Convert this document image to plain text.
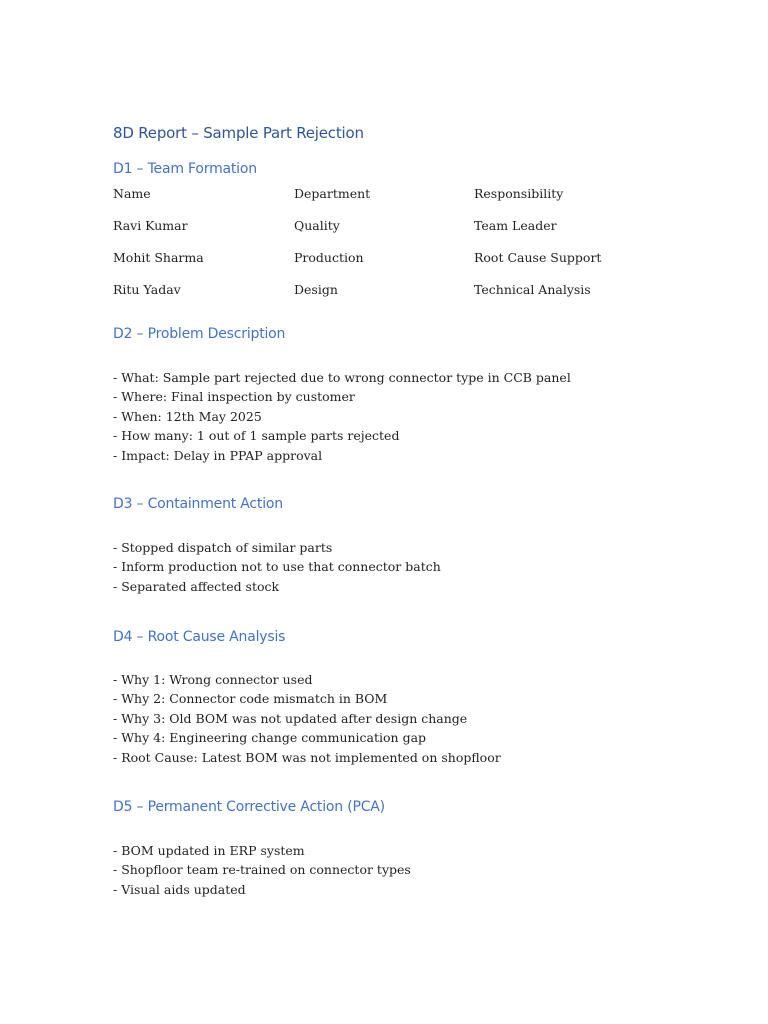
8D Report – Sample Part Rejection
D1 – Team Formation
Name	Department	Responsibility
Ravi Kumar	Quality	Team Leader
Mohit Sharma	Production	Root Cause Support
Ritu Yadav	Design	Technical Analysis
D2 – Problem Description
- What: Sample part rejected due to wrong connector type in CCB panel
- Where: Final inspection by customer
- When: 12th May 2025
- How many: 1 out of 1 sample parts rejected
- Impact: Delay in PPAP approval
D3 – Containment Action
- Stopped dispatch of similar parts
- Inform production not to use that connector batch
- Separated affected stock
D4 – Root Cause Analysis
- Why 1: Wrong connector used
- Why 2: Connector code mismatch in BOM
- Why 3: Old BOM was not updated after design change
- Why 4: Engineering change communication gap
- Root Cause: Latest BOM was not implemented on shopfloor
D5 – Permanent Corrective Action (PCA)
- BOM updated in ERP system
- Shopfloor team re-trained on connector types
- Visual aids updated
